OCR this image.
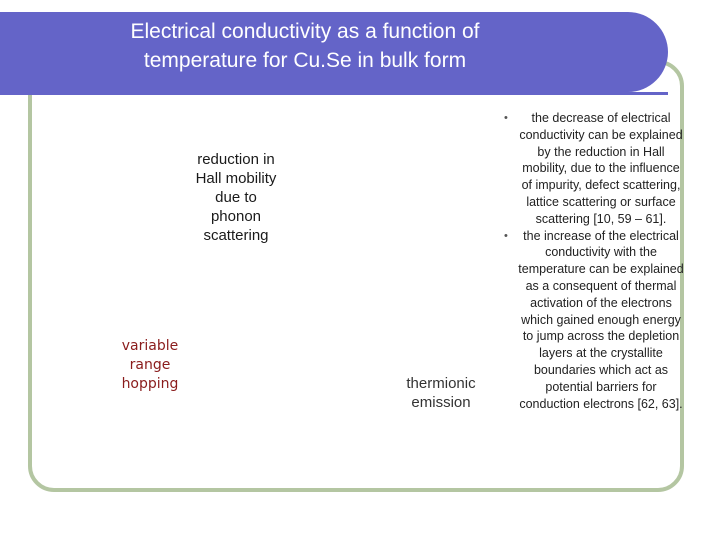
Electrical conductivity as a function of
temperature for Cu.Se in bulk form
reduction in
Hall mobility
due to
phonon
scattering
variable
range
hopping	thermionic
emission
• the decrease of electrical conductivity can be explained by the reduction in Hall mobility, due to the influence of impurity, defect scattering, lattice scattering or surface scattering [10, 59 – 61].
• the increase of the electrical conductivity with the temperature can be explained as a consequent of thermal activation of the electrons which gained enough energy to jump across the depletion layers at the crystallite boundaries which act as potential barriers for conduction electrons [62, 63].
